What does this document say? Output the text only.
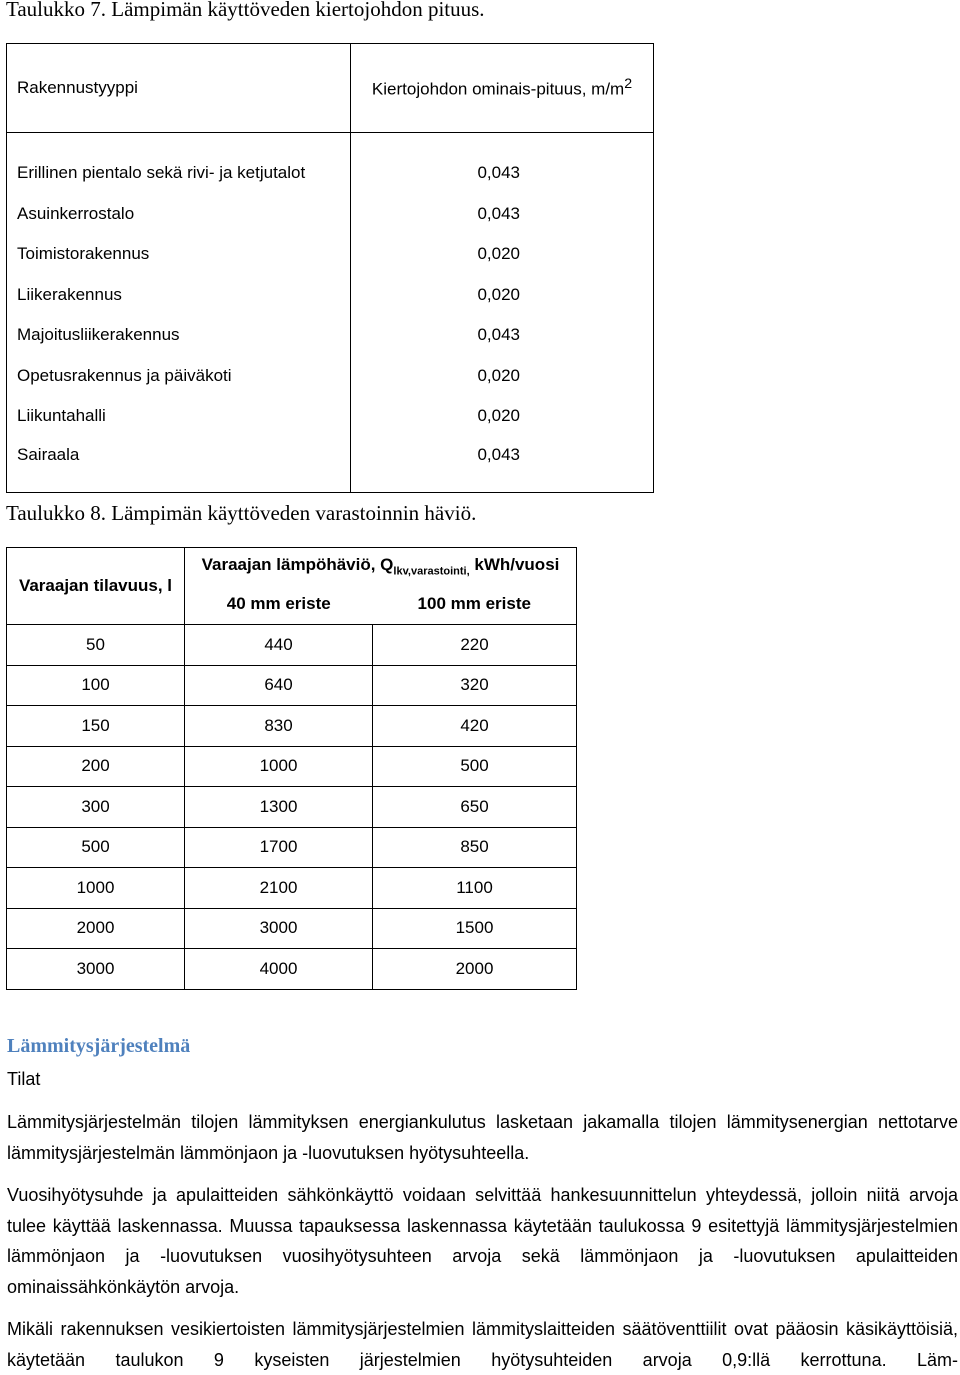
Taulukko 7. Lämpimän käyttöveden kiertojohdon pituus.
Rakennustyyppi	Kiertojohdon ominais-pituus, $m/m^2$

Erillinen pientalo sekä rivi- ja ketjutalot	0,043
Asuinkerrostalo	0,043
Toimistorakennus	0,020
Liikerakennus	0,020
Majoitusliikerakennus	0,043
Opetusrakennus ja päiväkoti	0,020
Liikuntahalli	0,020
Sairaala	0,043
Taulukko 8. Lämpimän käyttöveden varastoinnin häviö.
Varaajan tilavuus, l	Varaajan lämpöhäviö, $Q_{lkv,varastointi,}$ kWh/vuosi	
	40 mm eriste	100 mm eriste
50	440	220
100	640	320
150	830	420
200	1000	500
300	1300	650
500	1700	850
1000	2100	1100
2000	3000	1500
3000	4000	2000
Lämmitysjärjestelmä
Tilat
Lämmitysjärjestelmän tilojen lämmityksen energiankulutus lasketaan jakamalla tilojen lämmitysenergian nettotarve lämmitysjärjestelmän lämmönjaon ja -luovutuksen hyötysuhteella.
Vuosihyötysuhde ja apulaitteiden sähkönkäyttö voidaan selvittää hankesuunnittelun yhteydessä, jolloin niitä arvoja tulee käyttää laskennassa. Muussa tapauksessa laskennassa käytetään taulukossa 9 esitettyjä lämmitysjärjestelmien lämmönjaon ja -luovutuksen vuosihyötysuhteen arvoja sekä lämmönjaon ja -luovutuksen apulaitteiden ominaissähkönkäytön arvoja.
Mikäli rakennuksen vesikiertoisten lämmitysjärjestelmien lämmityslaitteiden säätöventtiilit ovat pääosin käsikäyttöisiä, käytetään taulukon 9 kyseisten järjestelmien hyötysuhteiden arvoja 0,9:llä kerrottuna. Läm-
